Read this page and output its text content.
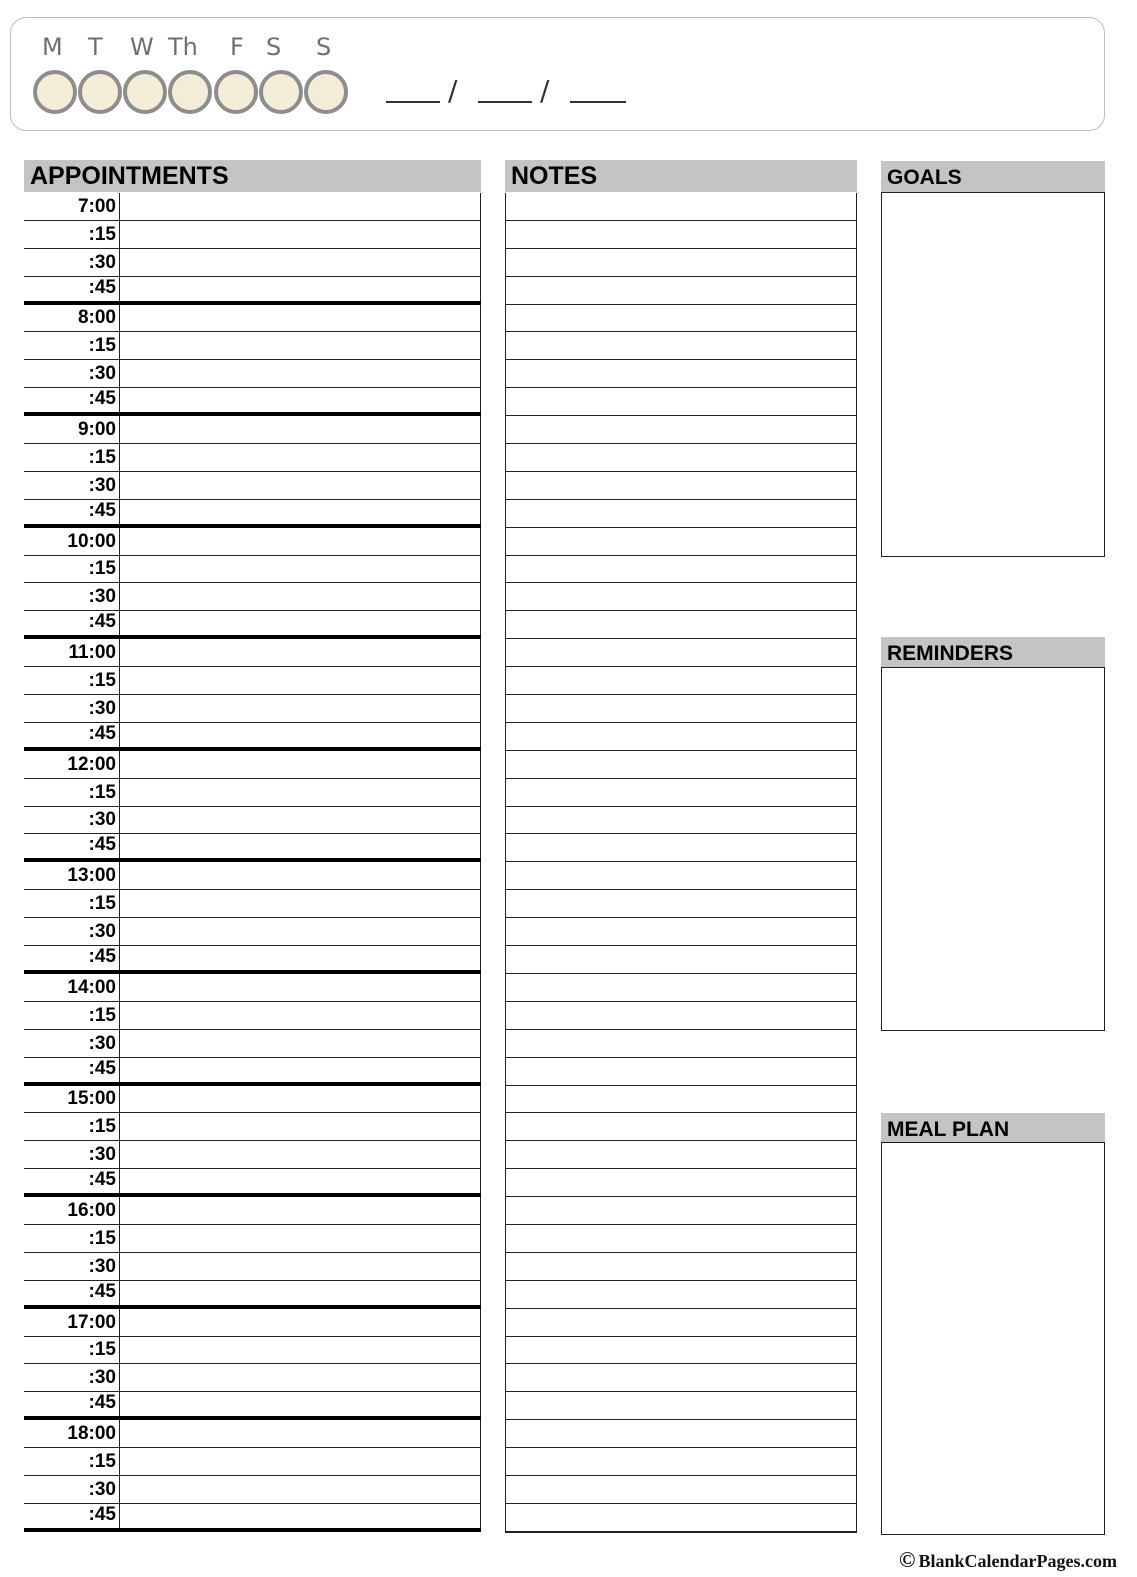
M T W Th F S S
/	/
APPOINTMENTS
7:00
:15
:30
:45
8:00
:15
:30
:45
9:00
:15
:30
:45
10:00
:15
:30
:45
11:00
:15
:30
:45
12:00
:15
:30
:45
13:00
:15
:30
:45
14:00
:15
:30
:45
15:00
:15
:30
:45
16:00
:15
:30
:45
17:00
:15
:30
:45
18:00
:15
:30
:45
NOTES	GOALS
REMINDERS
MEAL PLAN
© BlankCalendarPages.com
